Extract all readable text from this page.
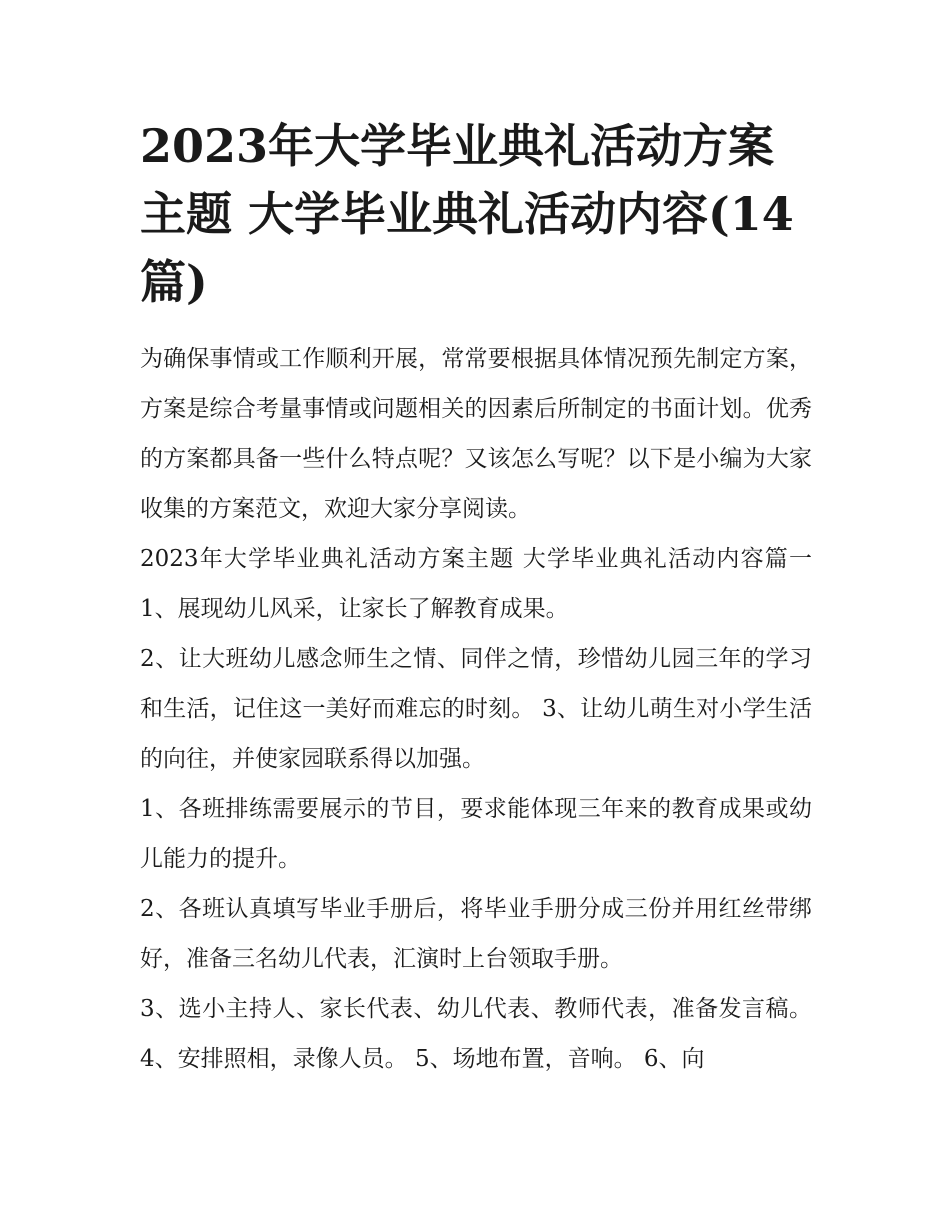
2023年大学毕业典礼活动方案主题 大学毕业典礼活动内容(14篇)

为确保事情或工作顺利开展，常常要根据具体情况预先制定方案，方案是综合考量事情或问题相关的因素后所制定的书面计划。优秀的方案都具备一些什么特点呢？又该怎么写呢？以下是小编为大家收集的方案范文，欢迎大家分享阅读。

2023年大学毕业典礼活动方案主题 大学毕业典礼活动内容篇一 1、展现幼儿风采，让家长了解教育成果。

2、让大班幼儿感念师生之情、同伴之情，珍惜幼儿园三年的学习和生活，记住这一美好而难忘的时刻。 3、让幼儿萌生对小学生活的向往，并使家园联系得以加强。

1、各班排练需要展示的节目，要求能体现三年来的教育成果或幼儿能力的提升。

2、各班认真填写毕业手册后，将毕业手册分成三份并用红丝带绑好，准备三名幼儿代表，汇演时上台领取手册。

3、选小主持人、家长代表、幼儿代表、教师代表，准备发言稿。 4、安排照相，录像人员。 5、场地布置，音响。 6、向
